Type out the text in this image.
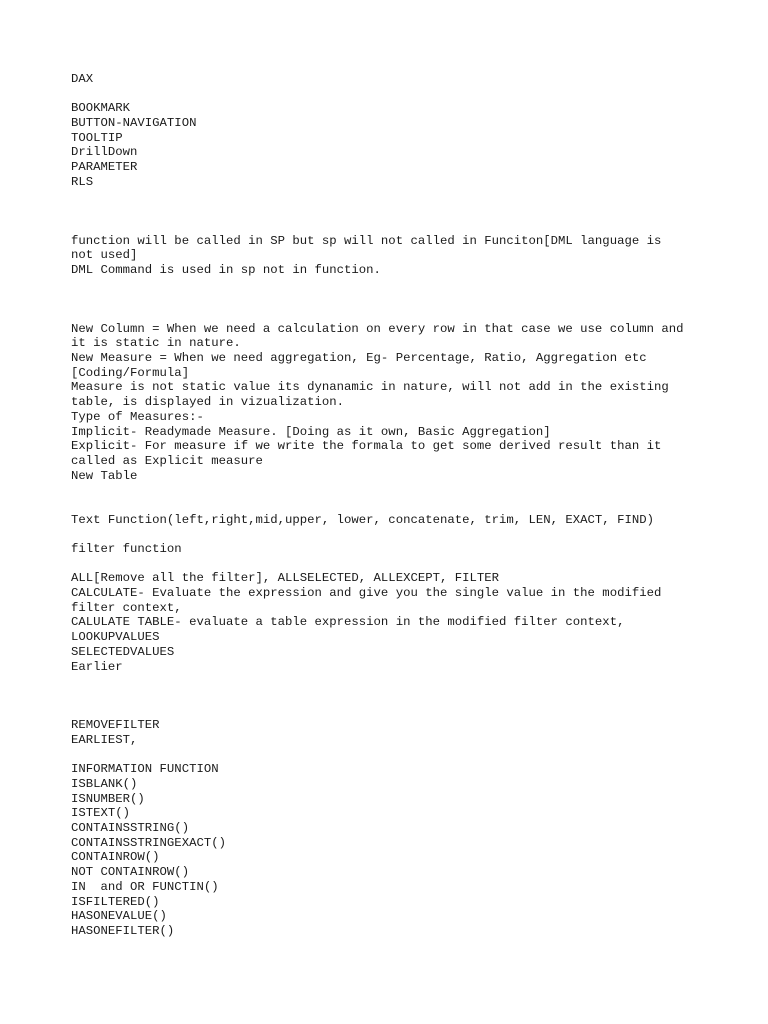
DAX
BOOKMARK
BUTTON-NAVIGATION
TOOLTIP
DrillDown
PARAMETER
RLS
function will be called in SP but sp will not called in Funciton[DML language is
not used]
DML Command is used in sp not in function.
New Column = When we need a calculation on every row in that case we use column and
it is static in nature.
New Measure = When we need aggregation, Eg- Percentage, Ratio, Aggregation etc
[Coding/Formula]
Measure is not static value its dynanamic in nature, will not add in the existing
table, is displayed in vizualization.
Type of Measures:-
Implicit- Readymade Measure. [Doing as it own, Basic Aggregation]
Explicit- For measure if we write the formala to get some derived result than it
called as Explicit measure
New Table
Text Function(left,right,mid,upper, lower, concatenate, trim, LEN, EXACT, FIND)
filter function
ALL[Remove all the filter], ALLSELECTED, ALLEXCEPT, FILTER
CALCULATE- Evaluate the expression and give you the single value in the modified
filter context,
CALULATE TABLE- evaluate a table expression in the modified filter context,
LOOKUPVALUES
SELECTEDVALUES
Earlier
REMOVEFILTER
EARLIEST,
INFORMATION FUNCTION
ISBLANK()
ISNUMBER()
ISTEXT()
CONTAINSSTRING()
CONTAINSSTRINGEXACT()
CONTAINROW()
NOT CONTAINROW()
IN  and OR FUNCTIN()
ISFILTERED()
HASONEVALUE()
HASONEFILTER()
